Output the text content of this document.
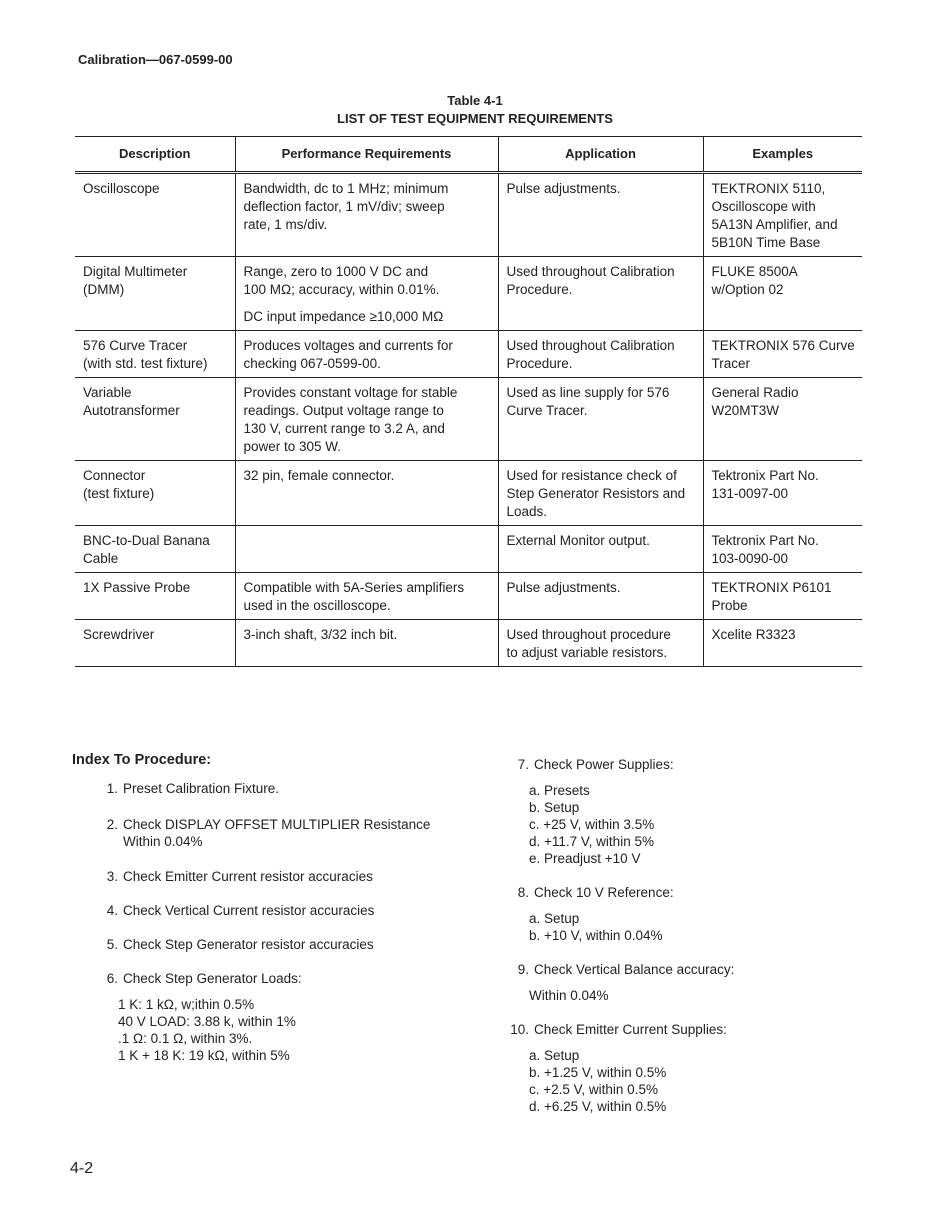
Calibration—067-0599-00
Table 4-1
LIST OF TEST EQUIPMENT REQUIREMENTS
Description	Performance Requirements	Application	Examples

Oscilloscope	Bandwidth, dc to 1 MHz; minimum
deflection factor, 1 mV/div; sweep
rate, 1 ms/div.	Pulse adjustments.	TEKTRONIX 5110,
Oscilloscope with
5A13N Amplifier, and
5B10N Time Base

Digital Multimeter
(DMM)	Range, zero to 1000 V DC and
100 MΩ; accuracy, within 0.01%.
DC input impedance ≥10,000 MΩ	Used throughout Calibration
Procedure.	FLUKE 8500A
w/Option 02

576 Curve Tracer
(with std. test fixture)	Produces voltages and currents for
checking 067-0599-00.	Used throughout Calibration
Procedure.	TEKTRONIX 576 Curve
Tracer

Variable
Autotransformer	Provides constant voltage for stable
readings. Output voltage range to
130 V, current range to 3.2 A, and
power to 305 W.	Used as line supply for 576
Curve Tracer.	General Radio
W20MT3W

Connector
(test fixture)	32 pin, female connector.	Used for resistance check of
Step Generator Resistors and
Loads.	Tektronix Part No.
131-0097-00

BNC-to-Dual Banana
Cable		External Monitor output.	Tektronix Part No.
103-0090-00

1X Passive Probe	Compatible with 5A-Series amplifiers
used in the oscilloscope.	Pulse adjustments.	TEKTRONIX P6101
Probe

Screwdriver	3-inch shaft, 3/32 inch bit.	Used throughout procedure
to adjust variable resistors.	Xcelite R3323
Index To Procedure:
1. Preset Calibration Fixture.
2. Check DISPLAY OFFSET MULTIPLIER Resistance
Within 0.04%
3. Check Emitter Current resistor accuracies
4. Check Vertical Current resistor accuracies
5. Check Step Generator resistor accuracies
6. Check Step Generator Loads:
1 K: 1 kΩ, w;ithin 0.5%
40 V LOAD: 3.88 k, within 1%
.1 Ω: 0.1 Ω, within 3%.
1 K + 18 K: 19 kΩ, within 5%
7. Check Power Supplies:
a. Presets
b. Setup
c. +25 V, within 3.5%
d. +11.7 V, within 5%
e. Preadjust +10 V
8. Check 10 V Reference:
a. Setup
b. +10 V, within 0.04%
9. Check Vertical Balance accuracy:
Within 0.04%
10. Check Emitter Current Supplies:
a. Setup
b. +1.25 V, within 0.5%
c. +2.5 V, within 0.5%
d. +6.25 V, within 0.5%
4-2
